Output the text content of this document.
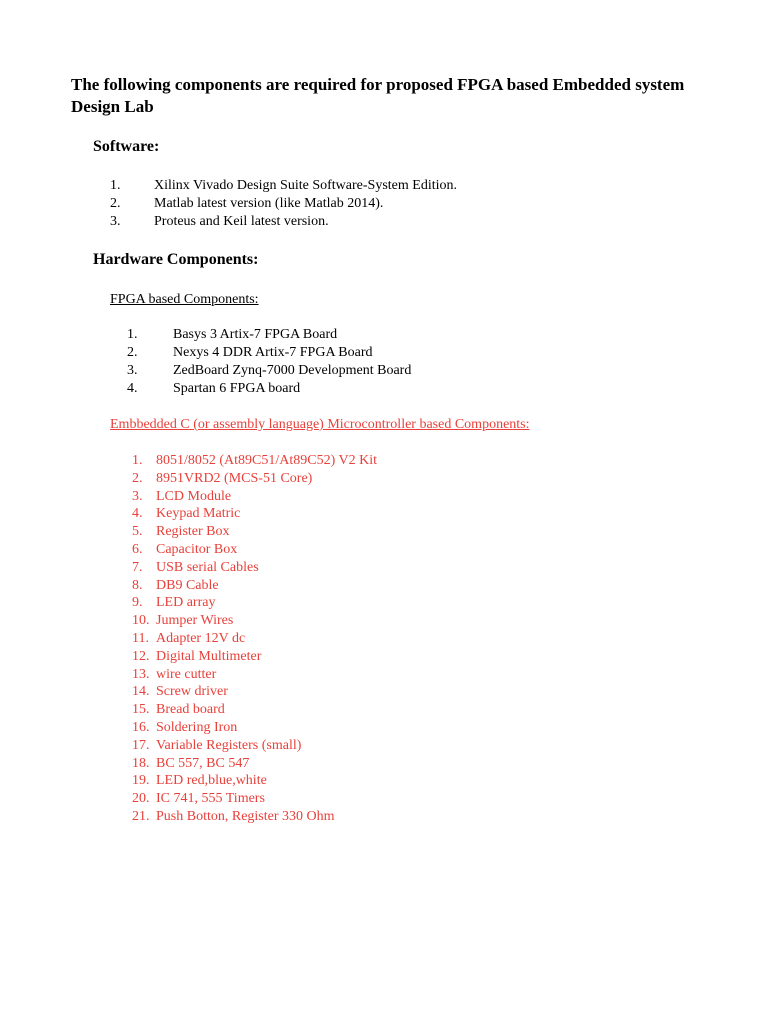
The following components are required for proposed FPGA based Embedded system Design Lab
Software:
1.	Xilinx Vivado Design Suite Software-System Edition.
2.	Matlab latest version (like Matlab 2014).
3.	Proteus and Keil latest version.
Hardware Components:

FPGA based Components:

1.	Basys 3 Artix-7 FPGA Board
2.	Nexys 4 DDR Artix-7 FPGA Board
3.	ZedBoard Zynq-7000 Development Board
4.	Spartan 6 FPGA board

Embbedded C (or assembly language) Microcontroller based Components:

1. 8051/8052 (At89C51/At89C52) V2 Kit
2. 8951VRD2 (MCS-51 Core)
3. LCD Module
4. Keypad Matric
5. Register Box
6. Capacitor Box
7. USB serial Cables
8. DB9 Cable
9. LED array
10. Jumper Wires
11. Adapter 12V dc
12. Digital Multimeter
13. wire cutter
14. Screw driver
15. Bread board
16. Soldering Iron
17. Variable Registers (small)
18. BC 557, BC 547
19. LED red,blue,white
20. IC 741, 555 Timers
21. Push Botton, Register 330 Ohm
